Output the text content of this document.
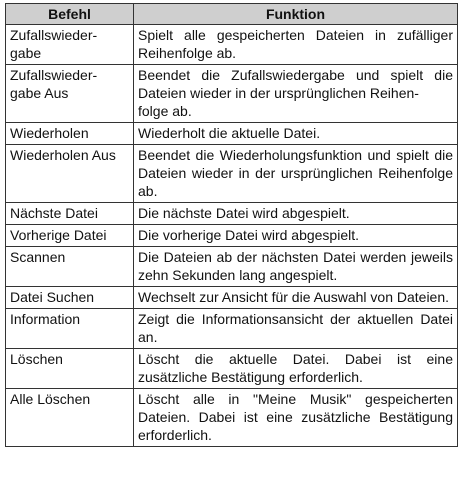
Befehl	Funktion
Zufallswieder-
gabe	Spielt alle gespeicherten Dateien in zufälliger Reihenfolge ab.
Zufallswieder-
gabe Aus	Beendet die Zufallswiedergabe und spielt die Dateien wieder in der ursprünglichen Reihen-
folge ab.
Wiederholen	Wiederholt die aktuelle Datei.
Wiederholen Aus	Beendet die Wiederholungsfunktion und spielt die Dateien wieder in der ursprünglichen Reihenfolge ab.
Nächste Datei	Die nächste Datei wird abgespielt.
Vorherige Datei	Die vorherige Datei wird abgespielt.
Scannen	Die Dateien ab der nächsten Datei werden jeweils zehn Sekunden lang angespielt.
Datei Suchen	Wechselt zur Ansicht für die Auswahl von Dateien.
Information	Zeigt die Informationsansicht der aktuellen Datei an.
Löschen	Löscht die aktuelle Datei. Dabei ist eine zusätzliche Bestätigung erforderlich.
Alle Löschen	Löscht alle in "Meine Musik" gespeicherten Dateien. Dabei ist eine zusätzliche Bestätigung erforderlich.
